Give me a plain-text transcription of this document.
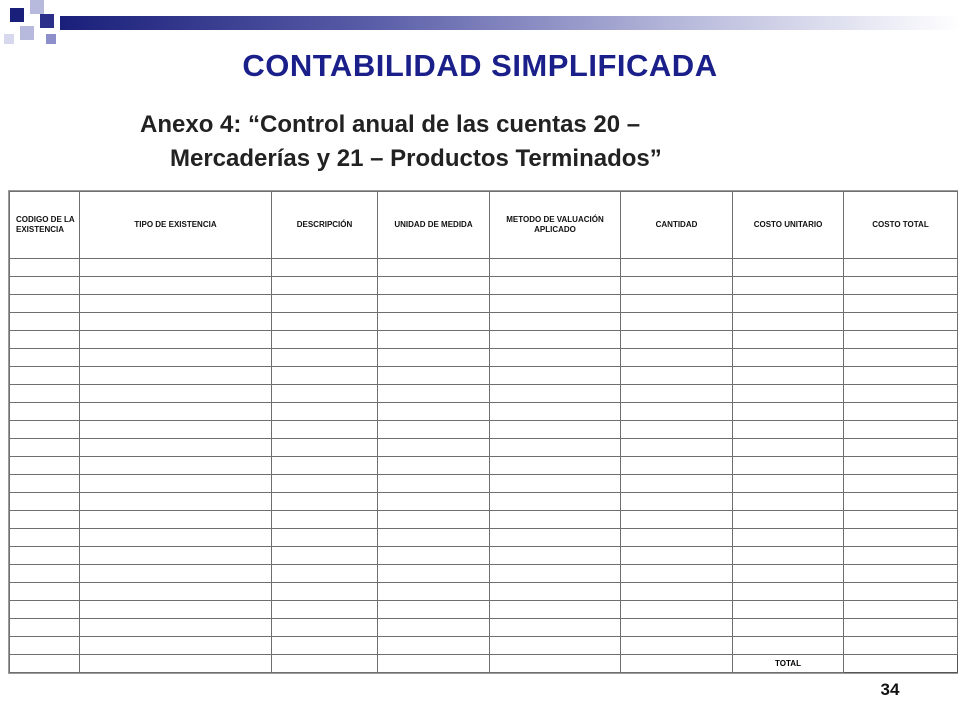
CONTABILIDAD SIMPLIFICADA
Anexo 4: “Control anual de las cuentas 20 –
Mercaderías y 21 – Productos Terminados”
CODIGO DE LA EXISTENCIA	TIPO DE EXISTENCIA	DESCRIPCIÓN	UNIDAD DE MEDIDA	METODO DE VALUACIÓN APLICADO	CANTIDAD	COSTO UNITARIO	COSTO TOTAL

						TOTAL	
34
